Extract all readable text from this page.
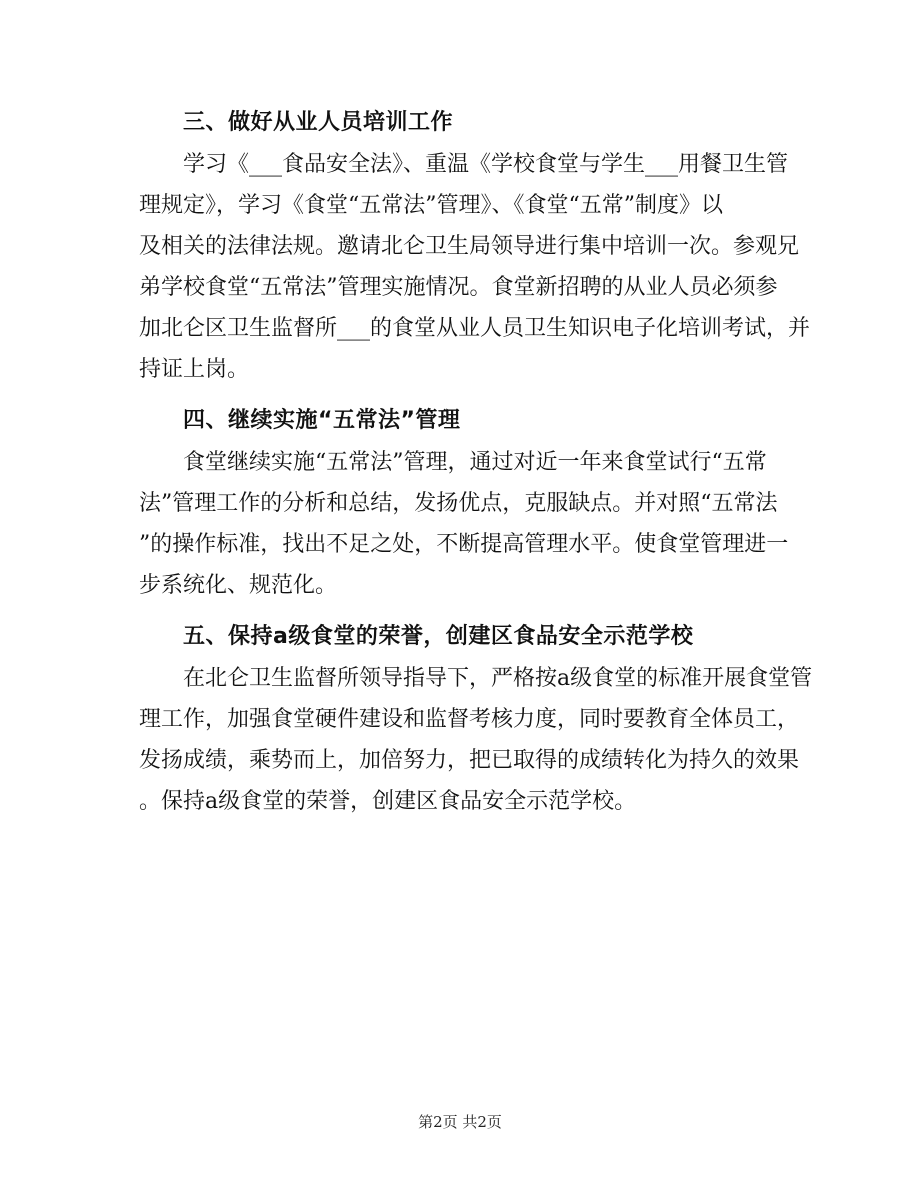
三、做好从业人员培训工作

学习《___食品安全法》、重温《学校食堂与学生___用餐卫生管
理规定》，学习《食堂“五常法”管理》、《食堂“五常”制度》以
及相关的法律法规。邀请北仑卫生局领导进行集中培训一次。参观兄
弟学校食堂“五常法”管理实施情况。食堂新招聘的从业人员必须参
加北仑区卫生监督所___的食堂从业人员卫生知识电子化培训考试，并
持证上岗。

四、继续实施“五常法”管理

食堂继续实施“五常法”管理，通过对近一年来食堂试行“五常
法”管理工作的分析和总结，发扬优点，克服缺点。并对照“五常法
”的操作标准，找出不足之处，不断提高管理水平。使食堂管理进一
步系统化、规范化。

五、保持a级食堂的荣誉，创建区食品安全示范学校

在北仑卫生监督所领导指导下，严格按a级食堂的标准开展食堂管
理工作，加强食堂硬件建设和监督考核力度，同时要教育全体员工，
发扬成绩，乘势而上，加倍努力，把已取得的成绩转化为持久的效果
。保持a级食堂的荣誉，创建区食品安全示范学校。

第2页 共2页
